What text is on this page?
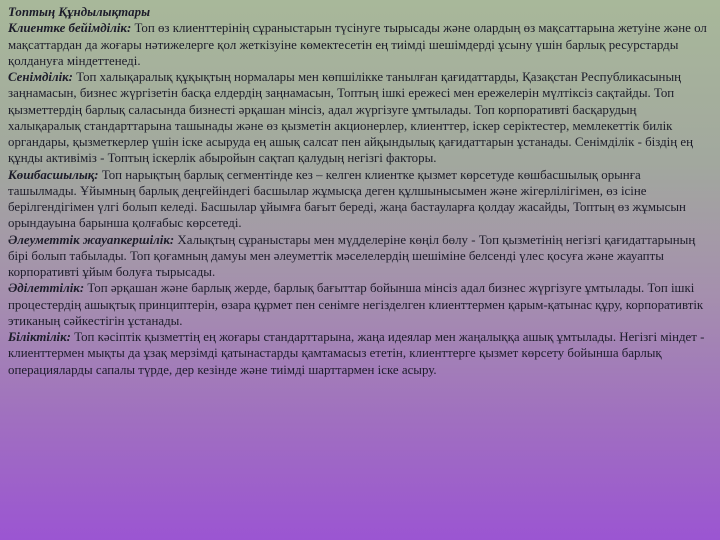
Топтың Құндылықтары

Клиентке бейімділік: Топ өз клиенттерінің сұраныстарын түсінуге тырысады және олардың өз мақсаттарына жетуіне және ол мақсаттардан да жоғары нәтижелерге қол жеткізуіне көмектесетін ең тиімді шешімдерді ұсыну үшін барлық ресурстарды қолдануға міндеттенеді.

Сенімділік: Топ халықаралық құқықтың нормалары мен көпшілікке танылған қағидаттарды, Қазақстан Республикасының заңнамасын, бизнес жүргізетін басқа елдердің заңнамасын, Топтың ішкі ережесі мен ережелерін мүлтіксіз сақтайды. Топ қызметтердің барлық саласында бизнесті әрқашан мінсіз, адал жүргізуге ұмтылады. Топ корпоративті басқарудың халықаралық стандарттарына ташынады және өз қызметін акционерлер, клиенттер, іскер серіктестер, мемлекеттік билік органдары, қызметкерлер үшін іске асыруда ең ашық салсат пен айқындылық қағидаттарын ұстанады. Сенімділік - біздің ең құнды активіміз - Топтың іскерлік абыройын сақтап қалудың негізгі факторы.

Көшбасшылық: Топ нарықтың барлық сегментінде кез – келген клиентке қызмет көрсетуде көшбасшылық орынға ташылмады. Ұйымның барлық деңгейіндегі басшылар жұмысқа деген құлшынысымен және жігерлілігімен, өз ісіне берілгендігімен үлгі болып келеді. Басшылар ұйымға бағыт береді, жаңа бастауларға қолдау жасайды, Топтың өз жұмысын орындауына барынша қолғабыс көрсетеді.

Әлеуметтік жауапкершілік: Халықтың сұраныстары мен мүдделеріне көңіл бөлу - Топ қызметінің негізгі қағидаттарының бірі болып табылады. Топ қоғамның дамуы мен әлеуметтік мәселелердің шешіміне белсенді үлес қосуға және жауапты корпоративті ұйым болуға тырысады.

Әділеттілік: Топ әрқашан және барлық жерде, барлық бағыттар бойынша мінсіз адал бизнес жүргізуге ұмтылады. Топ ішкі процестердің ашықтық принциптерін, өзара құрмет пен сенімге негізделген клиенттермен қарым-қатынас құру, корпоративтік этиканың сәйкестігін ұстанады.

Біліктілік: Топ кәсіптік қызметтің ең жоғары стандарттарына, жаңа идеялар мен жаңалыққа ашық ұмтылады. Негізгі міндет - клиенттермен мықты да ұзақ мерзімді қатынастарды қамтамасыз ететін, клиенттерге қызмет көрсету бойынша барлық операцияларды сапалы түрде, дер кезінде және тиімді шарттармен іске асыру.
